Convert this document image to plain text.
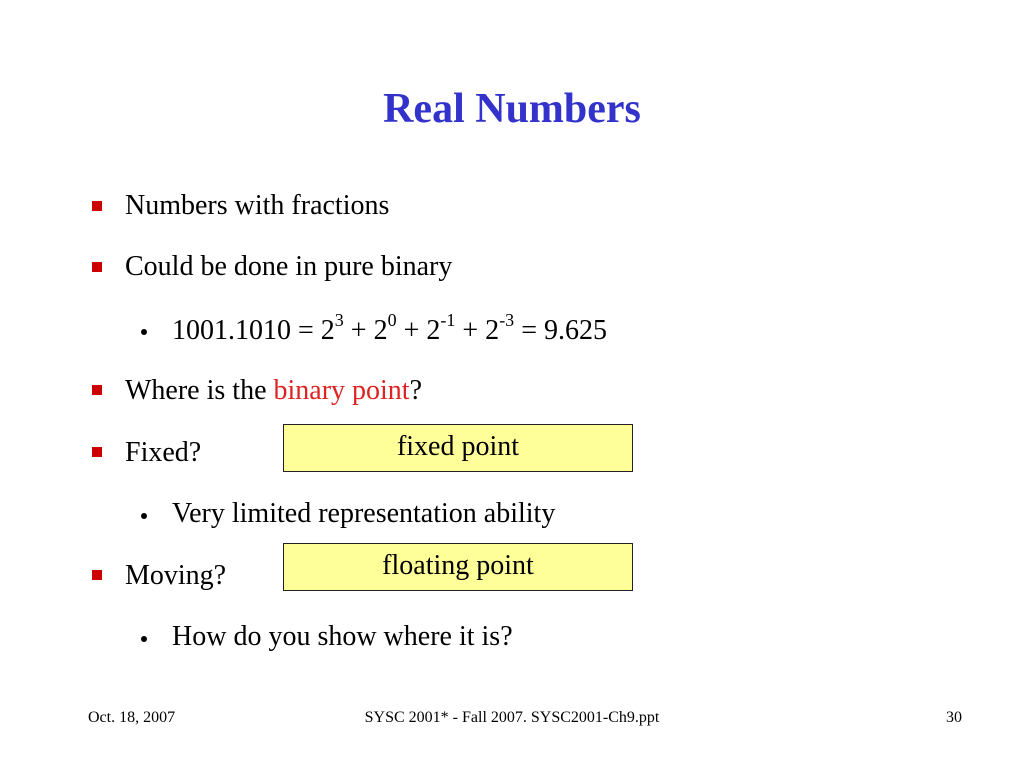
Real Numbers
Numbers with fractions
Could be done in pure binary
$1001.1010 = 2^3 + 2^0 + 2^{-1} + 2^{-3} = 9.625$
Where is the binary point?
Fixed?
Very limited representation ability
Moving?
How do you show where it is?
fixed point
floating point
Oct. 18, 2007	SYSC 2001* - Fall 2007. SYSC2001-Ch9.ppt	30
